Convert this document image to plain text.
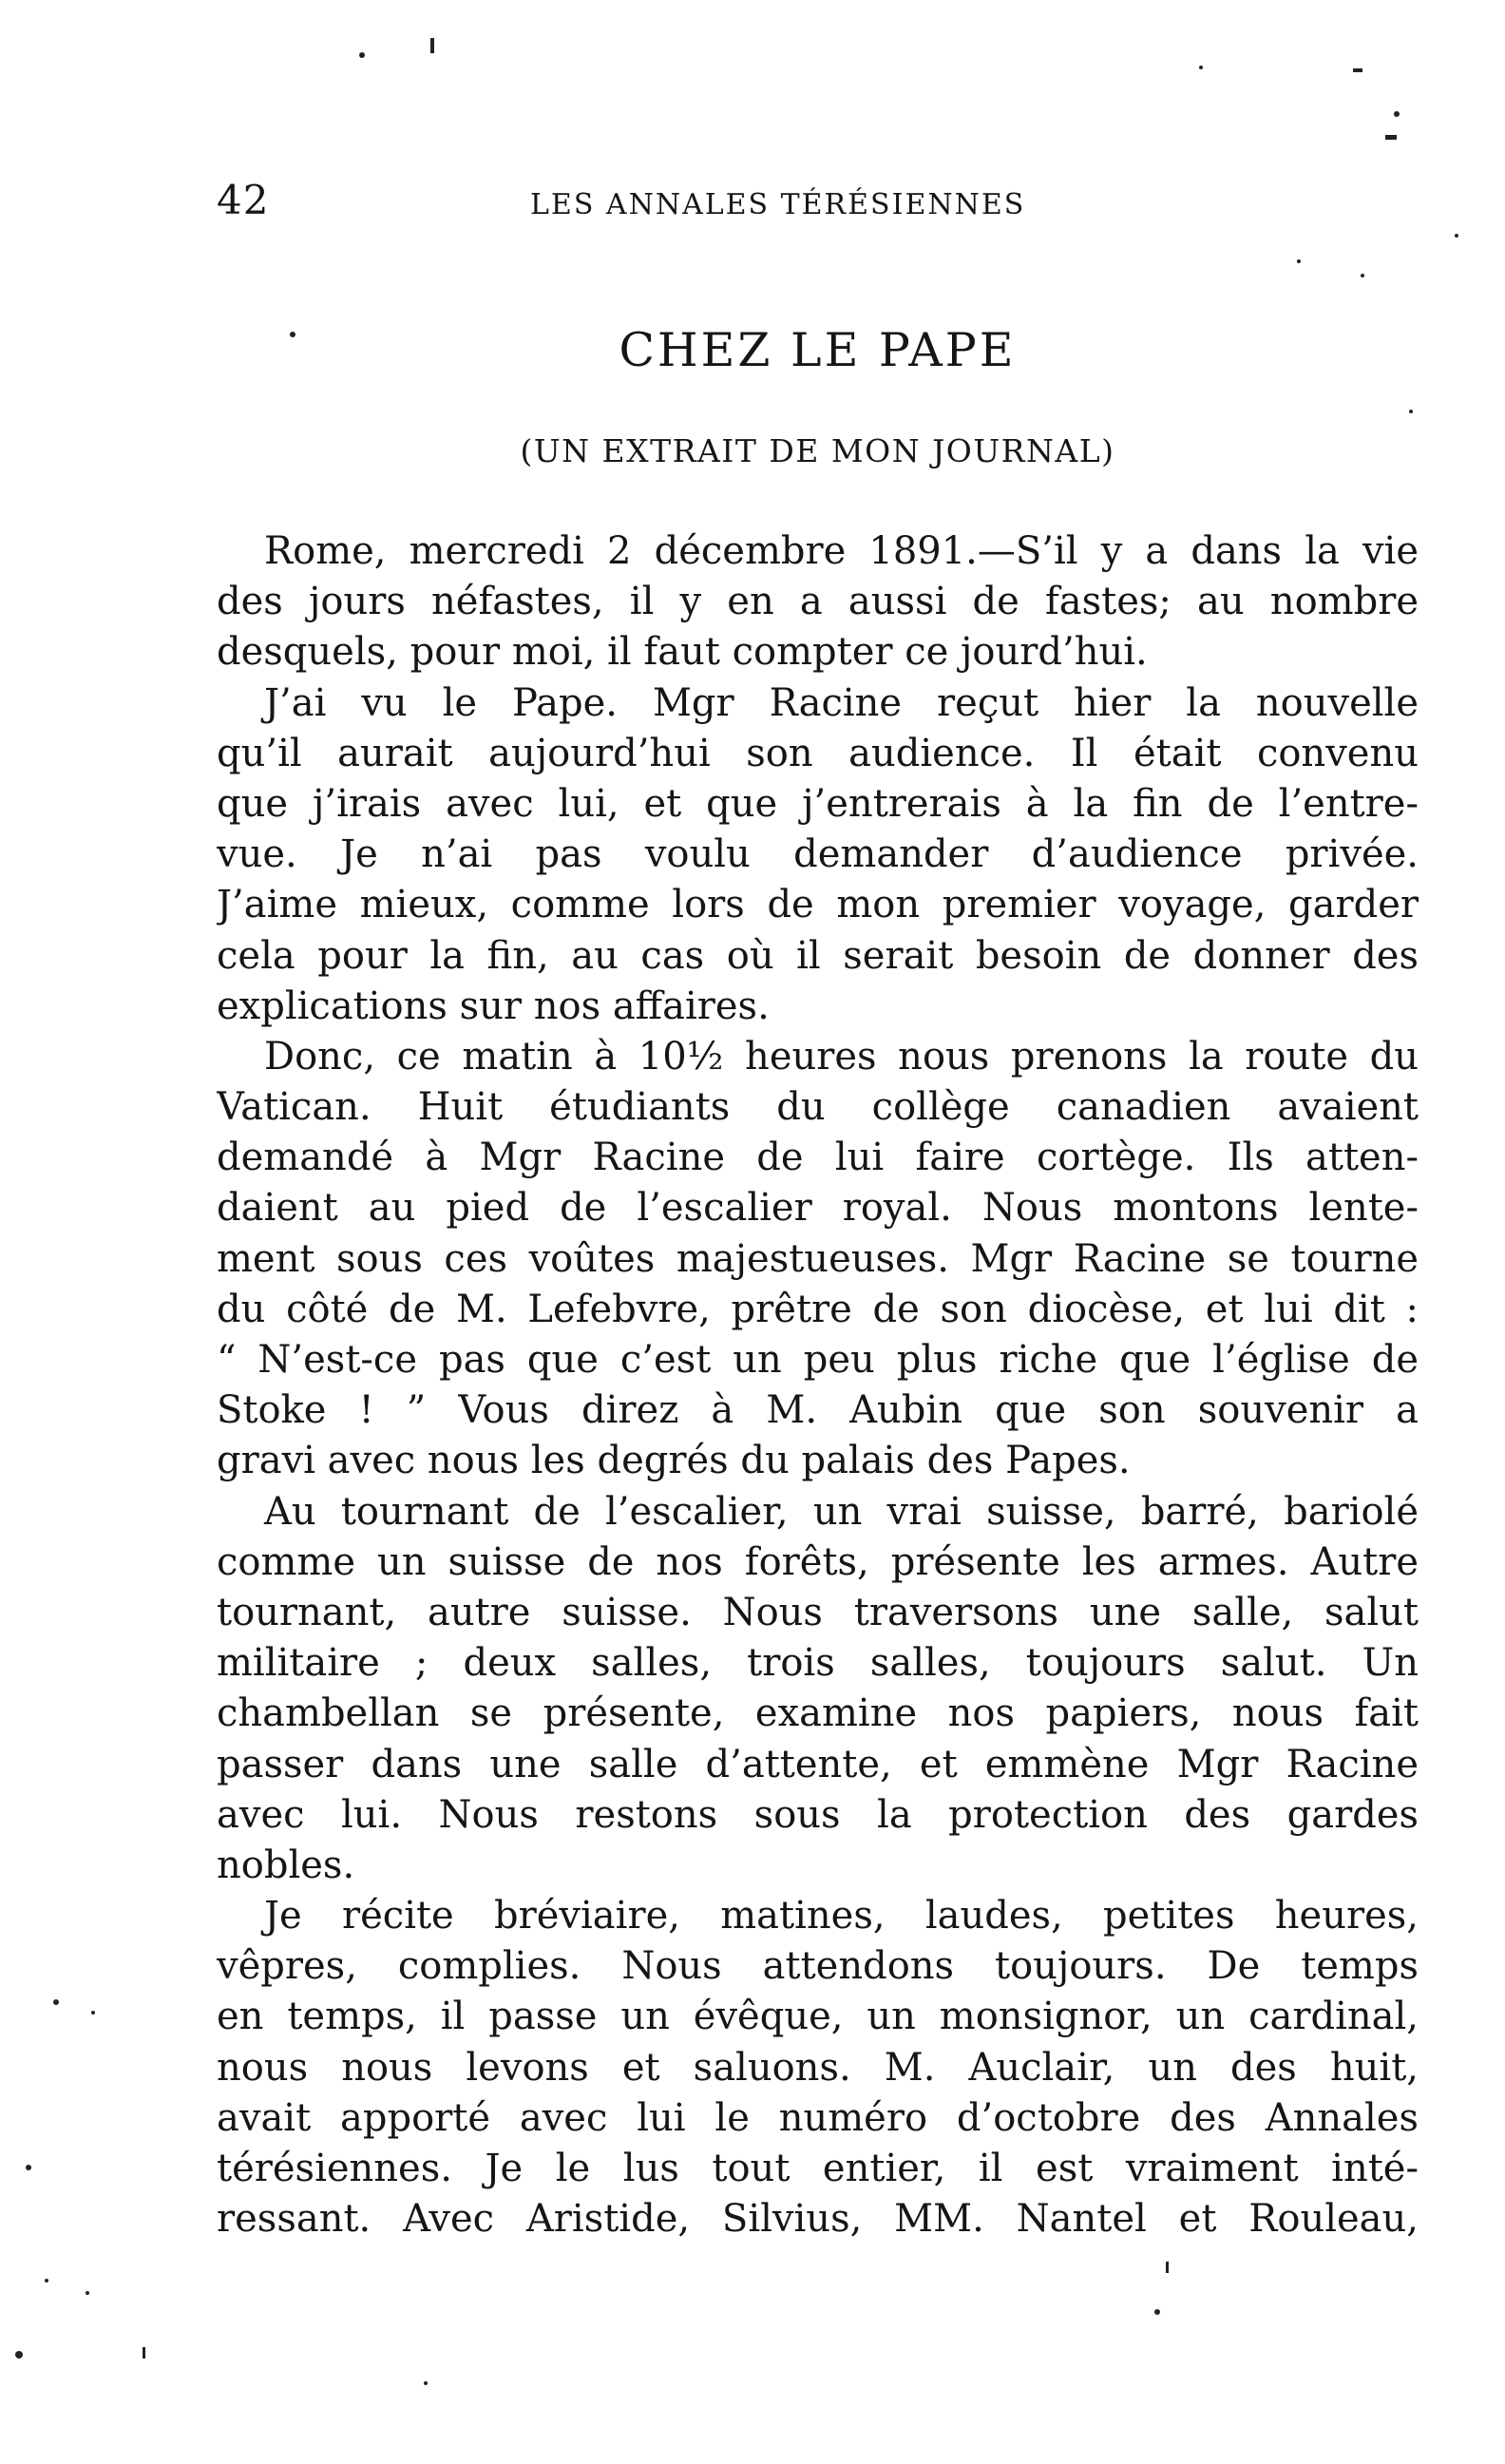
42	LES ANNALES TÉRÉSIENNES
CHEZ LE PAPE
(UN EXTRAIT DE MON JOURNAL)
Rome, mercredi 2 décembre 1891.—S’il y a dans la vie
des jours néfastes, il y en a aussi de fastes; au nombre
desquels, pour moi, il faut compter ce jourd’hui.
J’ai vu le Pape. Mgr Racine reçut hier la nouvelle
qu’il aurait aujourd’hui son audience. Il était convenu
que j’irais avec lui, et que j’entrerais à la fin de l’entre-
vue. Je n’ai pas voulu demander d’audience privée.
J’aime mieux, comme lors de mon premier voyage, garder
cela pour la fin, au cas où il serait besoin de donner des
explications sur nos affaires.
Donc, ce matin à 10½ heures nous prenons la route du
Vatican. Huit étudiants du collège canadien avaient
demandé à Mgr Racine de lui faire cortège. Ils atten-
daient au pied de l’escalier royal. Nous montons lente-
ment sous ces voûtes majestueuses. Mgr Racine se tourne
du côté de M. Lefebvre, prêtre de son diocèse, et lui dit :
“ N’est-ce pas que c’est un peu plus riche que l’église de
Stoke ! ” Vous direz à M. Aubin que son souvenir a
gravi avec nous les degrés du palais des Papes.
Au tournant de l’escalier, un vrai suisse, barré, bariolé
comme un suisse de nos forêts, présente les armes. Autre
tournant, autre suisse. Nous traversons une salle, salut
militaire ; deux salles, trois salles, toujours salut. Un
chambellan se présente, examine nos papiers, nous fait
passer dans une salle d’attente, et emmène Mgr Racine
avec lui. Nous restons sous la protection des gardes
nobles.
Je récite bréviaire, matines, laudes, petites heures,
vêpres, complies. Nous attendons toujours. De temps
en temps, il passe un évêque, un monsignor, un cardinal,
nous nous levons et saluons. M. Auclair, un des huit,
avait apporté avec lui le numéro d’octobre des Annales
térésiennes. Je le lus tout entier, il est vraiment inté-
ressant. Avec Aristide, Silvius, MM. Nantel et Rouleau,
